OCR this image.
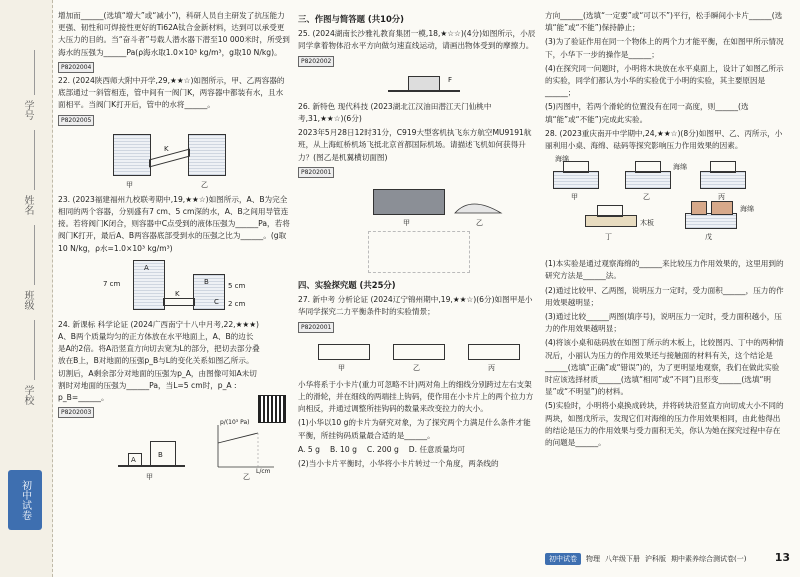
学号
姓名
班级
学校
初中试卷

增加而______(选填“增大”或“减小”)，科研人员自主研发了抗压能力更强、韧性和可焊接性更好的Ti62A钛合金新材料，达到可以承受更大压力的目的。当“奋斗者”号载人潜水器下潜至10 000米时，所受到海水的压强为______Pa(ρ海水取1.0×10³ kg/m³，g取10 N/kg)。

P8202004

22. (2024陕西师大附中开学,29,★★☆)如图所示，甲、乙两容器的底部通过一斜管相连，管中间有一阀门K，两容器中都装有水，且水面相平。当阀门K打开后，管中的水将______。

P8202005
K
甲	乙

23. (2023福建福州九校联考期中,19,★★☆)如图所示，A、B为完全相同的两个容器，分别盛有7 cm、5 cm深的水，A、B之间用导管连接。若将阀门K闭合，则容器中C点受到的液体压强为______Pa，若将阀门K打开，最后A、B两容器底部受到水的压强之比为______。(g取10 N/kg，ρ水=1.0×10³ kg/m³)

A
B
K
C
7 cm	5 cm
2 cm

24. 新课标 科学论证 (2024广西南宁十八中月考,22,★★★) A、B两个质量均匀的正方体放在水平地面上，A、B的边长是A的2倍。将A沿竖直方向切去宽为L的部分，把切去部分叠放在B上，B对地面的压强p_B与L的变化关系如图乙所示。切割后，A剩余部分对地面的压强为p_A，由图像可知A未切割时对地面的压强为______Pa，当L=5 cm时，p_A : p_B=______。

P8202003
A
B
甲
p/(10³ Pa)
L/cm
乙

三、作图与简答题 (共10分)

25. (2024湖南长沙雅礼教育集团一模,18,★☆☆)(4分)如图所示，小辰同学拿着物体沿水平方向做匀速直线运动，请画出物体受到的摩擦力。

P8202002
F

26. 新特色 现代科技 (2023湖北江汉油田潜江天门仙桃中考,31,★★☆)(6分)

2023年5月28日12时31分，C919大型客机执飞东方航空MU9191航班，从上海虹桥机场飞抵北京首都国际机场。请描述飞机如何获得升力？(图乙是机翼横切面图)

P8202001
甲	乙

四、实验探究题 (共25分)

27. 新中考 分析论证 (2024辽宁锦州期中,19,★★☆)(6分)如图甲是小华同学探究二力平衡条件时的实验情景；

P8202001
甲	乙	丙

小华将系于小卡片(重力可忽略不计)两对角上的细线分别跨过左右支架上的滑轮，并在细线的两端挂上钩码，使作用在小卡片上的两个拉力方向相反，并通过调整所挂钩码的数量来改变拉力的大小。

(1)小华以10 g的卡片为研究对象，为了探究两个力满足什么条件才能平衡，所挂钩码质量最合适的是______。

A. 5 g B. 10 g C. 200 g D. 任意质量均可

(2)当小卡片平衡时，小华将小卡片转过一个角度，两条线的

方向______(选填“一定要”或“可以不”)平行，松手瞬间小卡片______(选填“能”或“不能”)保持静止；

(3)为了验证作用在同一个物体上的两个力才能平衡，在如图甲所示情况下，小华下一步的操作是______；

(4)在探究同一问题时，小明将木块放在水平桌面上，设计了如图乙所示的实验，同学们都认为小华的实验优于小明的实验，其主要原因是______；

(5)丙图中，若两个滑轮的位置没有在同一高度，则______(选填“能”或“不能”)完成此实验。

28. (2023重庆南开中学期中,24,★★☆)(8分)如图甲、乙、丙所示，小丽利用小桌、海绵、砝码等探究影响压力作用效果的因素。

海绵
海绵
甲	乙	丙
丁
木板
戊
海绵

(1)本实验是通过观察海绵的______来比较压力作用效果的，这里用到的研究方法是______法。

(2)通过比较甲、乙两图，说明压力一定时，受力面积______，压力的作用效果越明显；

(3)通过比较______两图(填序号)，说明压力一定时，受力面积越小，压力的作用效果越明显；

(4)将该小桌和砝码放在如图丁所示的木板上，比较图丙、丁中的两种情况后，小丽认为压力的作用效果还与接触面的材料有关，这个结论是______(选填“正确”或“错误”)的，为了更明显地观察，我们在做此实验时应该选择材质______(选填“相同”或“不同”)且形变______(选填“明显”或“不明显”)的材料。

(5)实验时，小明将小桌换成砖块，并将砖块沿竖直方向切成大小不同的两块，如图戊所示，发现它们对海绵的压力作用效果相同，由此他得出的结论是压力的作用效果与受力面积无关，你认为她在探究过程中存在的问题是______。

初中试卷	物理 八年级下册 沪科版 期中素养综合测试卷(一)	13
